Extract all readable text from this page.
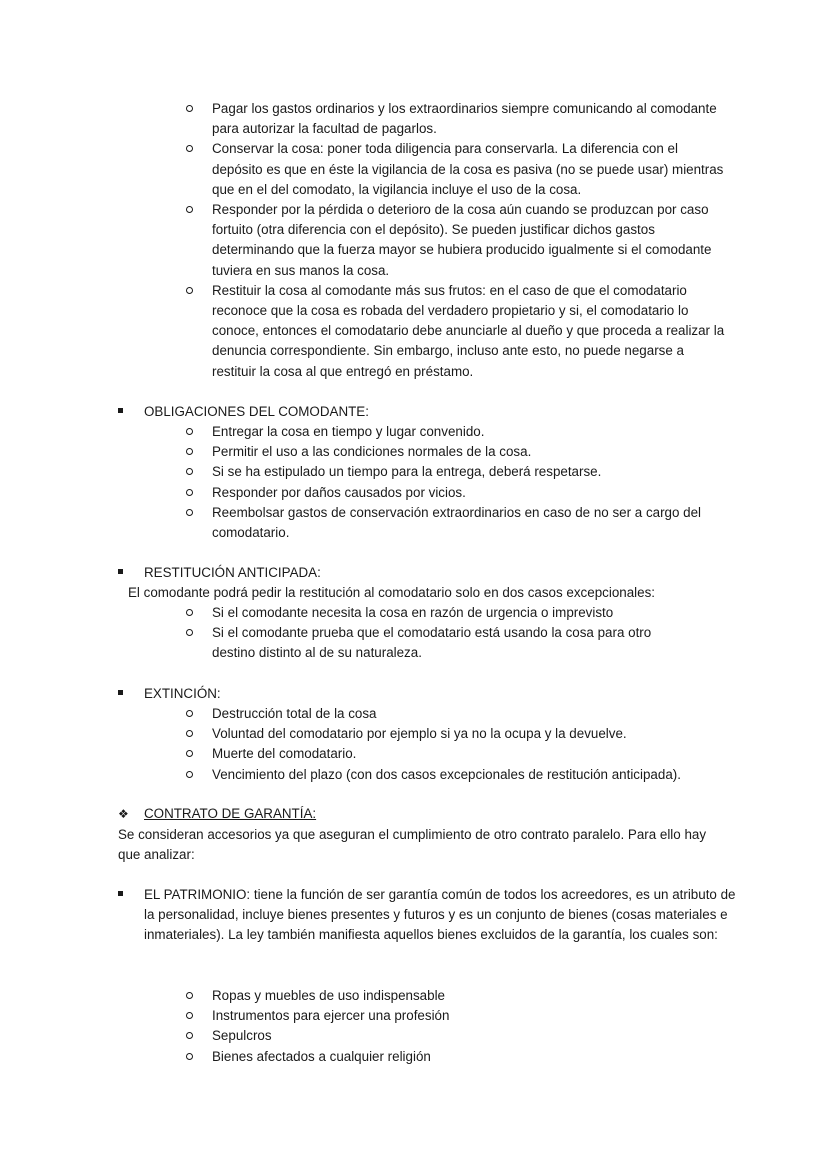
Pagar los gastos ordinarios y los extraordinarios siempre comunicando al comodante para autorizar la facultad de pagarlos.
Conservar la cosa: poner toda diligencia para conservarla. La diferencia con el depósito es que en éste la vigilancia de la cosa es pasiva (no se puede usar) mientras que en el del comodato, la vigilancia incluye el uso de la cosa.
Responder por la pérdida o deterioro de la cosa aún cuando se produzcan por caso fortuito (otra diferencia con el depósito). Se pueden justificar dichos gastos determinando que la fuerza mayor se hubiera producido igualmente si el comodante tuviera en sus manos la cosa.
Restituir la cosa al comodante más sus frutos: en el caso de que el comodatario reconoce que la cosa es robada del verdadero propietario y si, el comodatario lo conoce, entonces el comodatario debe anunciarle al dueño y que proceda a realizar la denuncia correspondiente. Sin embargo, incluso ante esto, no puede negarse a restituir la cosa al que entregó en préstamo.
OBLIGACIONES DEL COMODANTE:
Entregar la cosa en tiempo y lugar convenido.
Permitir el uso a las condiciones normales de la cosa.
Si se ha estipulado un tiempo para la entrega, deberá respetarse.
Responder por daños causados por vicios.
Reembolsar gastos de conservación extraordinarios en caso de no ser a cargo del comodatario.
RESTITUCIÓN ANTICIPADA:

El comodante podrá pedir la restitución al comodatario solo en dos casos excepcionales:

Si el comodante necesita la cosa en razón de urgencia o imprevisto
Si el comodante prueba que el comodatario está usando la cosa para otro destino distinto al de su naturaleza.
EXTINCIÓN:
Destrucción total de la cosa
Voluntad del comodatario por ejemplo si ya no la ocupa y la devuelve.
Muerte del comodatario.
Vencimiento del plazo (con dos casos excepcionales de restitución anticipada).
❖ CONTRATO DE GARANTÍA:

Se consideran accesorios ya que aseguran el cumplimiento de otro contrato paralelo. Para ello hay que analizar:

EL PATRIMONIO: tiene la función de ser garantía común de todos los acreedores, es un atributo de la personalidad, incluye bienes presentes y futuros y es un conjunto de bienes (cosas materiales e inmateriales). La ley también manifiesta aquellos bienes excluidos de la garantía, los cuales son:
Ropas y muebles de uso indispensable
Instrumentos para ejercer una profesión
Sepulcros
Bienes afectados a cualquier religión
